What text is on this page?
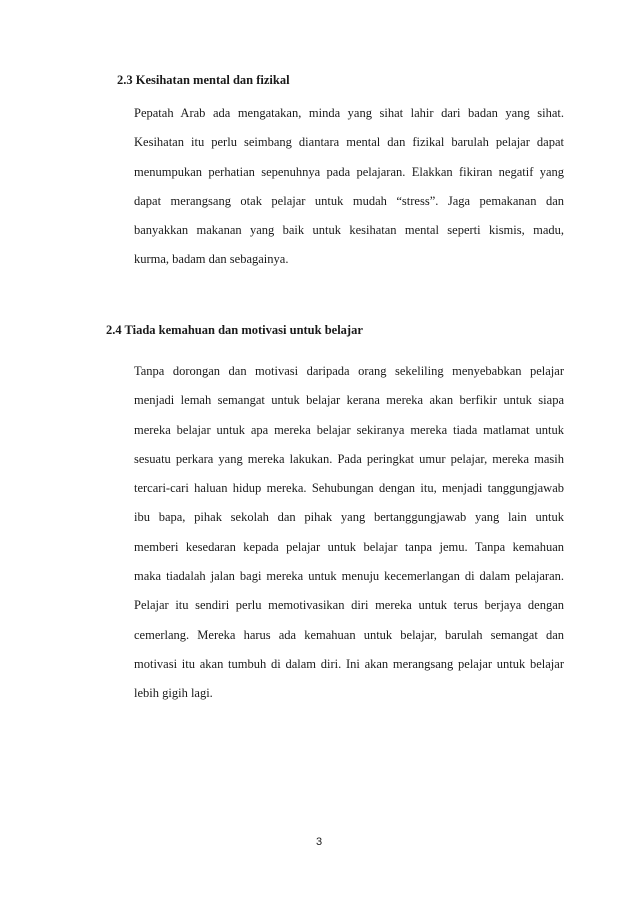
2.3 Kesihatan mental dan fizikal
Pepatah Arab ada mengatakan, minda yang sihat lahir dari badan yang sihat.
Kesihatan itu perlu seimbang diantara mental dan fizikal barulah pelajar dapat
menumpukan perhatian sepenuhnya pada pelajaran. Elakkan fikiran negatif yang
dapat merangsang otak pelajar untuk mudah “stress”. Jaga pemakanan dan
banyakkan makanan yang baik untuk kesihatan mental seperti kismis, madu,
kurma, badam dan sebagainya.
2.4 Tiada kemahuan dan motivasi untuk belajar
Tanpa dorongan dan motivasi daripada orang sekeliling menyebabkan pelajar
menjadi lemah semangat untuk belajar kerana mereka akan berfikir untuk siapa
mereka belajar untuk apa mereka belajar sekiranya mereka tiada matlamat untuk
sesuatu perkara yang mereka lakukan. Pada peringkat umur pelajar, mereka masih
tercari-cari haluan hidup mereka. Sehubungan dengan itu, menjadi tanggungjawab
ibu bapa, pihak sekolah dan pihak yang bertanggungjawab yang lain untuk
memberi kesedaran kepada pelajar untuk belajar tanpa jemu. Tanpa kemahuan
maka tiadalah jalan bagi mereka untuk menuju kecemerlangan di dalam pelajaran.
Pelajar itu sendiri perlu memotivasikan diri mereka untuk terus berjaya dengan
cemerlang. Mereka harus ada kemahuan untuk belajar, barulah semangat dan
motivasi itu akan tumbuh di dalam diri. Ini akan merangsang pelajar untuk belajar
lebih gigih lagi.
3
